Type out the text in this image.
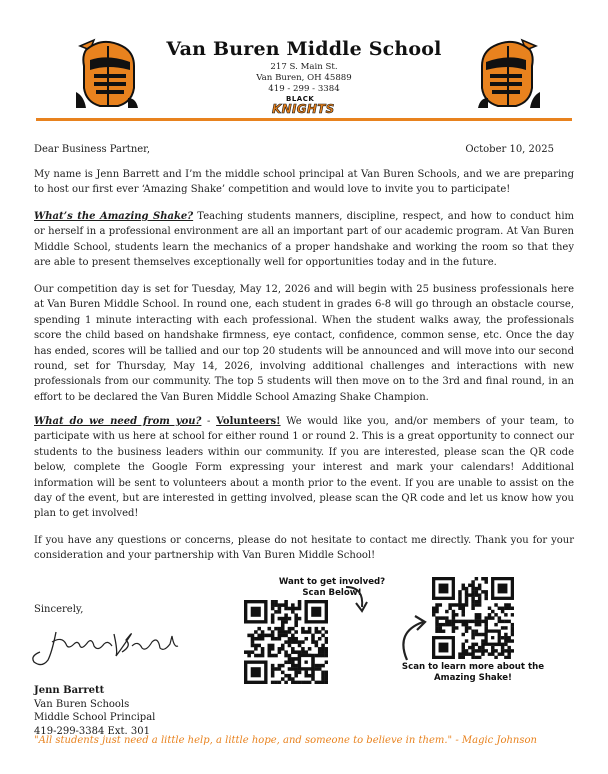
Van Buren Middle School
217 S. Main St.
Van Buren, OH 45889
419 - 299 - 3384
BLACK
KNIGHTS
Dear Business Partner,	October 10, 2025
My name is Jenn Barrett and I’m the middle school principal at Van Buren Schools, and we are preparing to host our first ever ‘Amazing Shake’ competition and would love to invite you to participate!
What’s the Amazing Shake? Teaching students manners, discipline, respect, and how to conduct him or herself in a professional environment are all an important part of our academic program. At Van Buren Middle School, students learn the mechanics of a proper handshake and working the room so that they are able to present themselves exceptionally well for opportunities today and in the future.
Our competition day is set for Tuesday, May 12, 2026 and will begin with 25 business professionals here at Van Buren Middle School. In round one, each student in grades 6-8 will go through an obstacle course, spending 1 minute interacting with each professional. When the student walks away, the professionals score the child based on handshake firmness, eye contact, confidence, common sense, etc. Once the day has ended, scores will be tallied and our top 20 students will be announced and will move into our second round, set for Thursday, May 14, 2026, involving additional challenges and interactions with new professionals from our community. The top 5 students will then move on to the 3rd and final round, in an effort to be declared the Van Buren Middle School Amazing Shake Champion.
What do we need from you? - Volunteers! We would like you, and/or members of your team, to participate with us here at school for either round 1 or round 2. This is a great opportunity to connect our students to the business leaders within our community. If you are interested, please scan the QR code below, complete the Google Form expressing your interest and mark your calendars! Additional information will be sent to volunteers about a month prior to the event. If you are unable to assist on the day of the event, but are interested in getting involved, please scan the QR code and let us know how you plan to get involved!
If you have any questions or concerns, please do not hesitate to contact me directly. Thank you for your consideration and your partnership with Van Buren Middle School!
Sincerely,
Jenn Barrett
Van Buren Schools
Middle School Principal
419-299-3384 Ext. 301
Want to get involved? Scan Below!
Scan to learn more about the Amazing Shake!
"All students just need a little help, a little hope, and someone to believe in them." - Magic Johnson
